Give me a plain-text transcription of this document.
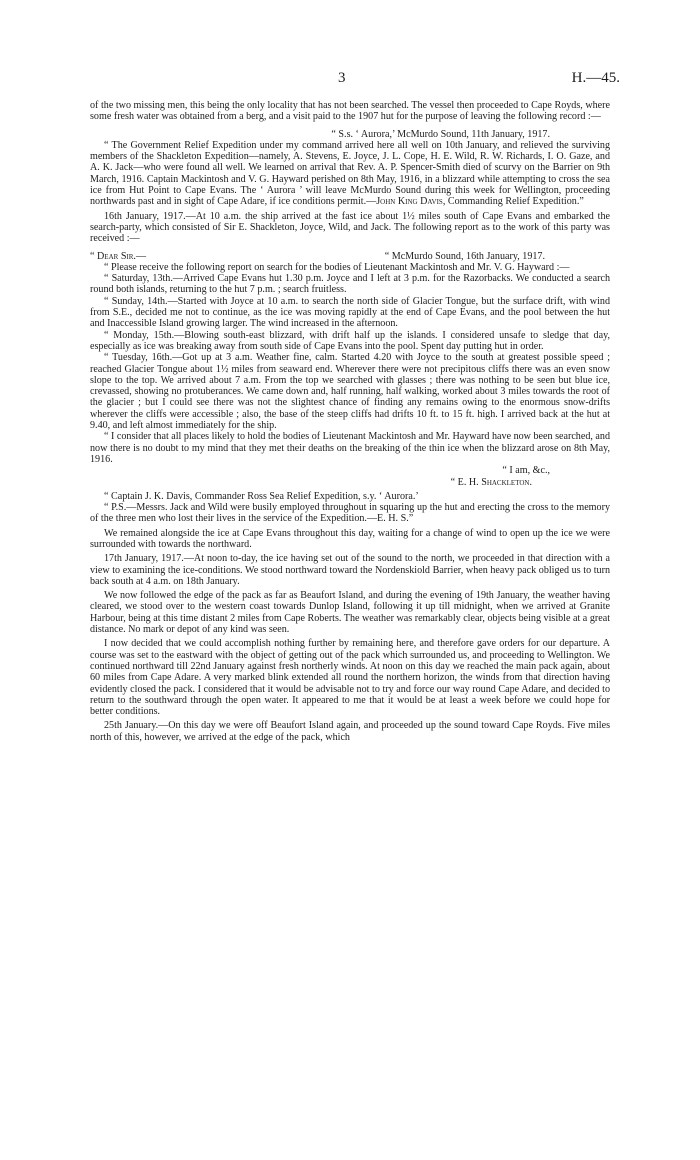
3	H.—45.

of the two missing men, this being the only locality that has not been searched. The vessel then proceeded to Cape Royds, where some fresh water was obtained from a berg, and a visit paid to the 1907 hut for the purpose of leaving the following record :—

“ S.s. ‘ Aurora,’ McMurdo Sound, 11th January, 1917.

“ The Government Relief Expedition under my command arrived here all well on 10th January, and relieved the surviving members of the Shackleton Expedition—namely, A. Stevens, E. Joyce, J. L. Cope, H. E. Wild, R. W. Richards, I. O. Gaze, and A. K. Jack—who were found all well. We learned on arrival that Rev. A. P. Spencer-Smith died of scurvy on the Barrier on 9th March, 1916. Captain Mackintosh and V. G. Hayward perished on 8th May, 1916, in a blizzard while attempting to cross the sea ice from Hut Point to Cape Evans. The ‘ Aurora ’ will leave McMurdo Sound during this week for Wellington, proceeding northwards past and in sight of Cape Adare, if ice conditions permit.—John King Davis, Commanding Relief Expedition.”

16th January, 1917.—At 10 a.m. the ship arrived at the fast ice about 1½ miles south of Cape Evans and embarked the search-party, which consisted of Sir E. Shackleton, Joyce, Wild, and Jack. The following report as to the work of this party was received :—

“ Dear Sir.—	“ McMurdo Sound, 16th January, 1917.

“ Please receive the following report on search for the bodies of Lieutenant Mackintosh and Mr. V. G. Hayward :—

“ Saturday, 13th.—Arrived Cape Evans hut 1.30 p.m. Joyce and I left at 3 p.m. for the Razorbacks. We conducted a search round both islands, returning to the hut 7 p.m. ; search fruitless.

“ Sunday, 14th.—Started with Joyce at 10 a.m. to search the north side of Glacier Tongue, but the surface drift, with wind from S.E., decided me not to continue, as the ice was moving rapidly at the end of Cape Evans, and the pool between the hut and Inaccessible Island growing larger. The wind increased in the afternoon.

“ Monday, 15th.—Blowing south-east blizzard, with drift half up the islands. I considered unsafe to sledge that day, especially as ice was breaking away from south side of Cape Evans into the pool. Spent day putting hut in order.

“ Tuesday, 16th.—Got up at 3 a.m. Weather fine, calm. Started 4.20 with Joyce to the south at greatest possible speed ; reached Glacier Tongue about 1½ miles from seaward end. Wherever there were not precipitous cliffs there was an even snow slope to the top. We arrived about 7 a.m. From the top we searched with glasses ; there was nothing to be seen but blue ice, crevassed, showing no protuberances. We came down and, half running, half walking, worked about 3 miles towards the root of the glacier ; but I could see there was not the slightest chance of finding any remains owing to the enormous snow-drifts wherever the cliffs were accessible ; also, the base of the steep cliffs had drifts 10 ft. to 15 ft. high. I arrived back at the hut at 9.40, and left almost immediately for the ship.

“ I consider that all places likely to hold the bodies of Lieutenant Mackintosh and Mr. Hayward have now been searched, and now there is no doubt to my mind that they met their deaths on the breaking of the thin ice when the blizzard arose on 8th May, 1916.

“ I am, &c.,

“ E. H. Shackleton.

“ Captain J. K. Davis, Commander Ross Sea Relief Expedition, s.y. ‘ Aurora.’

“ P.S.—Messrs. Jack and Wild were busily employed throughout in squaring up the hut and erecting the cross to the memory of the three men who lost their lives in the service of the Expedition.—E. H. S.”

We remained alongside the ice at Cape Evans throughout this day, waiting for a change of wind to open up the ice we were surrounded with towards the northward.

17th January, 1917.—At noon to-day, the ice having set out of the sound to the north, we proceeded in that direction with a view to examining the ice-conditions. We stood northward toward the Nordenskiold Barrier, when heavy pack obliged us to turn back south at 4 a.m. on 18th January.

We now followed the edge of the pack as far as Beaufort Island, and during the evening of 19th January, the weather having cleared, we stood over to the western coast towards Dunlop Island, following it up till midnight, when we arrived at Granite Harbour, being at this time distant 2 miles from Cape Roberts. The weather was remarkably clear, objects being visible at a great distance. No mark or depot of any kind was seen.

I now decided that we could accomplish nothing further by remaining here, and therefore gave orders for our departure. A course was set to the eastward with the object of getting out of the pack which surrounded us, and proceeding to Wellington. We continued northward till 22nd January against fresh northerly winds. At noon on this day we reached the main pack again, about 60 miles from Cape Adare. A very marked blink extended all round the northern horizon, the winds from that direction having evidently closed the pack. I considered that it would be advisable not to try and force our way round Cape Adare, and decided to return to the southward through the open water. It appeared to me that it would be at least a week before we could hope for better conditions.

25th January.—On this day we were off Beaufort Island again, and proceeded up the sound toward Cape Royds. Five miles north of this, however, we arrived at the edge of the pack, which
